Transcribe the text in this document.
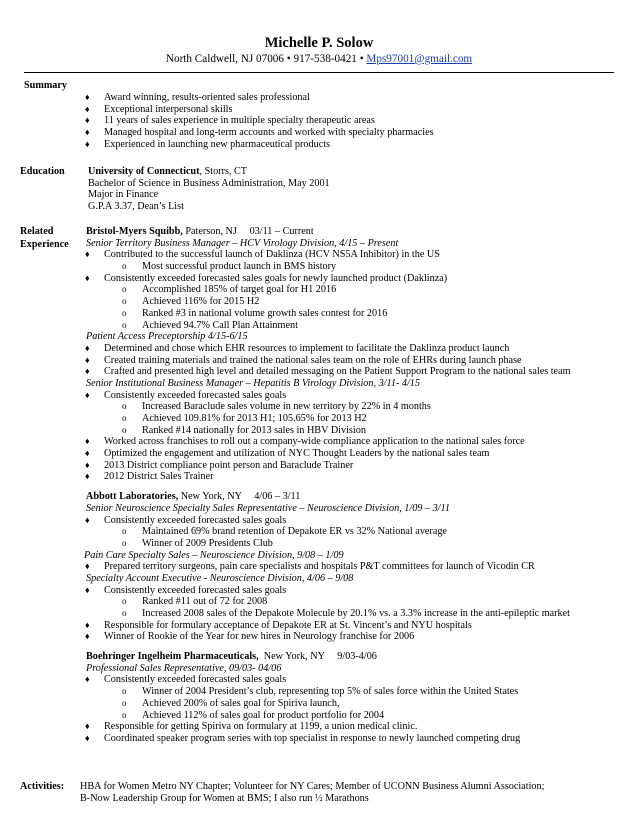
Michelle P. Solow
North Caldwell, NJ 07006 • 917-538-0421 • Mps97001@gmail.com
Summary
♦ Award winning, results-oriented sales professional
♦ Exceptional interpersonal skills
♦ 11 years of sales experience in multiple specialty therapeutic areas
♦ Managed hospital and long-term accounts and worked with specialty pharmacies
♦ Experienced in launching new pharmaceutical products
Education University of Connecticut, Storrs, CT
Bachelor of Science in Business Administration, May 2001
Major in Finance
G.P.A 3.37, Dean’s List
Related
Experience
Bristol-Myers Squibb, Paterson, NJ     03/11 – Current
Senior Territory Business Manager – HCV Virology Division, 4/15 – Present
♦ Contributed to the successful launch of Daklinza (HCV NS5A Inhibitor) in the US
o Most successful product launch in BMS history
♦ Consistently exceeded forecasted sales goals for newly launched product (Daklinza)
o Accomplished 185% of target goal for H1 2016
o Achieved 116% for 2015 H2
o Ranked #3 in national volume growth sales contest for 2016
o Achieved 94.7% Call Plan Attainment
Patient Access Preceptorship 4/15-6/15
♦ Determined and chose which EHR resources to implement to facilitate the Daklinza product launch
♦ Created training materials and trained the national sales team on the role of EHRs during launch phase
♦ Crafted and presented high level and detailed messaging on the Patient Support Program to the national sales team
Senior Institutional Business Manager – Hepatitis B Virology Division, 3/11- 4/15
♦ Consistently exceeded forecasted sales goals
o Increased Baraclude sales volume in new territory by 22% in 4 months
o Achieved 109.81% for 2013 H1; 105.65% for 2013 H2
o Ranked #14 nationally for 2013 sales in HBV Division
♦ Worked across franchises to roll out a company-wide compliance application to the national sales force
♦ Optimized the engagement and utilization of NYC Thought Leaders by the national sales team
♦ 2013 District compliance point person and Baraclude Trainer
♦ 2012 District Sales Trainer
Abbott Laboratories, New York, NY     4/06 – 3/11
Senior Neuroscience Specialty Sales Representative – Neuroscience Division, 1/09 – 3/11
♦ Consistently exceeded forecasted sales goals
o Maintained 69% brand retention of Depakote ER vs 32% National average
o Winner of 2009 Presidents Club
Pain Care Specialty Sales – Neuroscience Division, 9/08 – 1/09
♦ Prepared territory surgeons, pain care specialists and hospitals P&T committees for launch of Vicodin CR
Specialty Account Executive - Neuroscience Division, 4/06 – 9/08
♦ Consistently exceeded forecasted sales goals
o Ranked #11 out of 72 for 2008
o Increased 2008 sales of the Depakote Molecule by 20.1% vs. a 3.3% increase in the anti-epileptic market
♦ Responsible for formulary acceptance of Depakote ER at St. Vincent’s and NYU hospitals
♦ Winner of Rookie of the Year for new hires in Neurology franchise for 2006
Boehringer Ingelheim Pharmaceuticals,  New York, NY     9/03-4/06
Professional Sales Representative, 09/03- 04/06
♦ Consistently exceeded forecasted sales goals
o Winner of 2004 President’s club, representing top 5% of sales force within the United States
o Achieved 200% of sales goal for Spiriva launch,
o Achieved 112% of sales goal for product portfolio for 2004
♦ Responsible for getting Spiriva on formulary at 1199, a union medical clinic.
♦ Coordinated speaker program series with top specialist in response to newly launched competing drug
Activities: HBA for Women Metro NY Chapter; Volunteer for NY Cares; Member of UCONN Business Alumni Association;
B-Now Leadership Group for Women at BMS; I also run ½ Marathons
